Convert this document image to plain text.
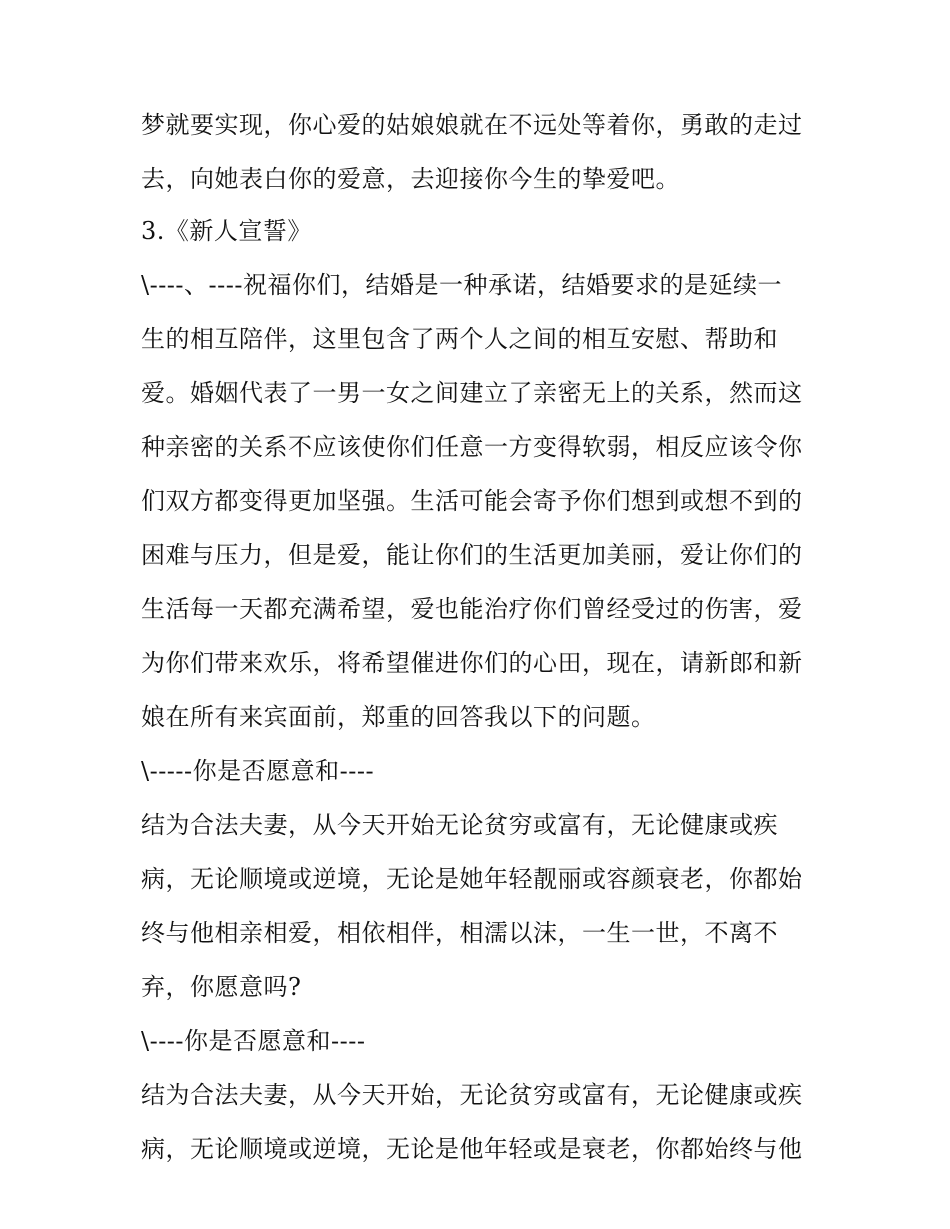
梦就要实现，你心爱的姑娘娘就在不远处等着你，勇敢的走过
去，向她表白你的爱意，去迎接你今生的挚爱吧。
3.《新人宣誓》
\----、----祝福你们，结婚是一种承诺，结婚要求的是延续一
生的相互陪伴，这里包含了两个人之间的相互安慰、帮助和
爱。婚姻代表了一男一女之间建立了亲密无上的关系，然而这
种亲密的关系不应该使你们任意一方变得软弱，相反应该令你
们双方都变得更加坚强。生活可能会寄予你们想到或想不到的
困难与压力，但是爱，能让你们的生活更加美丽，爱让你们的
生活每一天都充满希望，爱也能治疗你们曾经受过的伤害，爱
为你们带来欢乐，将希望催进你们的心田，现在，请新郎和新
娘在所有来宾面前，郑重的回答我以下的问题。
\-----你是否愿意和----
结为合法夫妻，从今天开始无论贫穷或富有，无论健康或疾
病，无论顺境或逆境，无论是她年轻靓丽或容颜衰老，你都始
终与他相亲相爱，相依相伴，相濡以沫，一生一世，不离不
弃，你愿意吗?
\----你是否愿意和----
结为合法夫妻，从今天开始，无论贫穷或富有，无论健康或疾
病，无论顺境或逆境，无论是他年轻或是衰老，你都始终与他
